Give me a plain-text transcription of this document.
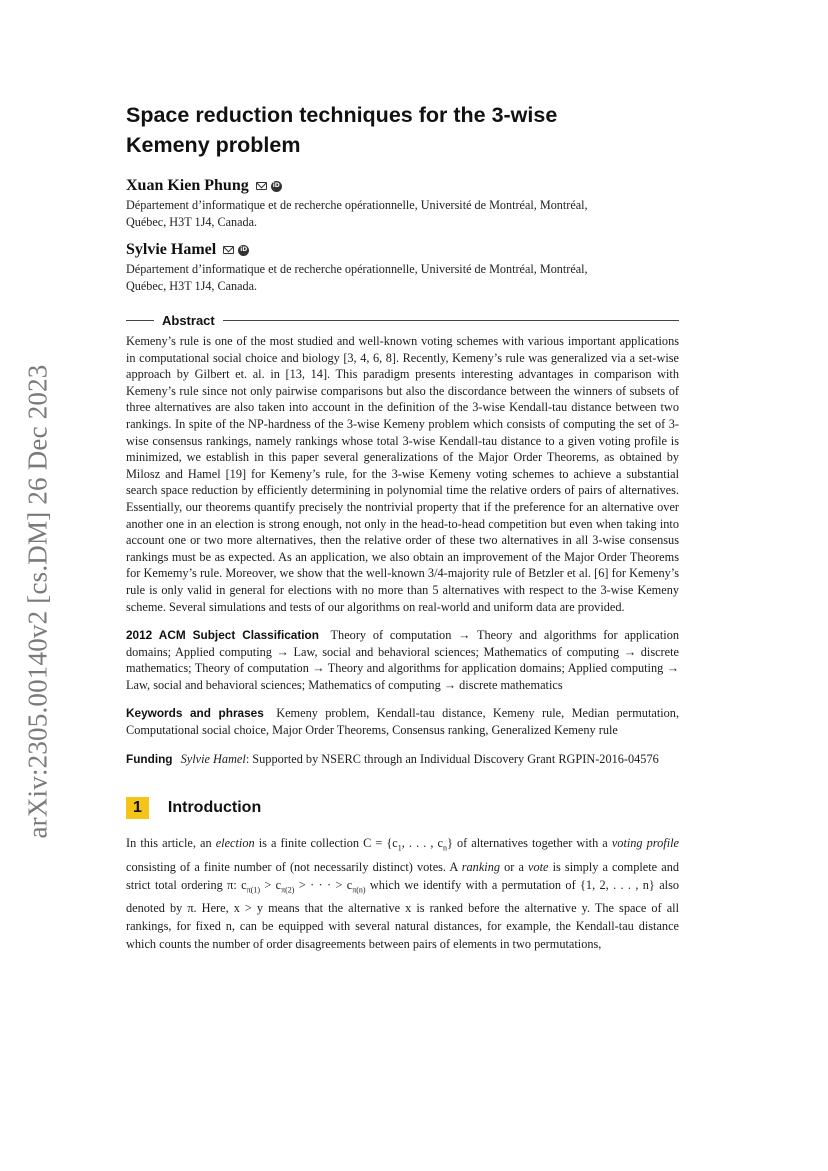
arXiv:2305.00140v2 [cs.DM] 26 Dec 2023
Space reduction techniques for the 3-wise
Kemeny problem
Xuan Kien Phung	iD
Département d’informatique et de recherche opérationnelle, Université de Montréal, Montréal,
Québec, H3T 1J4, Canada.
Sylvie Hamel	iD
Département d’informatique et de recherche opérationnelle, Université de Montréal, Montréal,
Québec, H3T 1J4, Canada.
Abstract
Kemeny’s rule is one of the most studied and well-known voting schemes with various important applications in computational social choice and biology [3, 4, 6, 8]. Recently, Kemeny’s rule was generalized via a set-wise approach by Gilbert et. al. in [13, 14]. This paradigm presents interesting advantages in comparison with Kemeny’s rule since not only pairwise comparisons but also the discordance between the winners of subsets of three alternatives are also taken into account in the definition of the 3-wise Kendall-tau distance between two rankings. In spite of the NP-hardness of the 3-wise Kemeny problem which consists of computing the set of 3-wise consensus rankings, namely rankings whose total 3-wise Kendall-tau distance to a given voting profile is minimized, we establish in this paper several generalizations of the Major Order Theorems, as obtained by Milosz and Hamel [19] for Kemeny’s rule, for the 3-wise Kemeny voting schemes to achieve a substantial search space reduction by efficiently determining in polynomial time the relative orders of pairs of alternatives. Essentially, our theorems quantify precisely the nontrivial property that if the preference for an alternative over another one in an election is strong enough, not only in the head-to-head competition but even when taking into account one or two more alternatives, then the relative order of these two alternatives in all 3-wise consensus rankings must be as expected. As an application, we also obtain an improvement of the Major Order Theorems for Kememy’s rule. Moreover, we show that the well-known 3/4-majority rule of Betzler et al. [6] for Kemeny’s rule is only valid in general for elections with no more than 5 alternatives with respect to the 3-wise Kemeny scheme. Several simulations and tests of our algorithms on real-world and uniform data are provided.
2012 ACM Subject Classification Theory of computation → Theory and algorithms for application domains; Applied computing → Law, social and behavioral sciences; Mathematics of computing → discrete mathematics; Theory of computation → Theory and algorithms for application domains; Applied computing → Law, social and behavioral sciences; Mathematics of computing → discrete mathematics
Keywords and phrases Kemeny problem, Kendall-tau distance, Kemeny rule, Median permutation, Computational social choice, Major Order Theorems, Consensus ranking, Generalized Kemeny rule
Funding Sylvie Hamel: Supported by NSERC through an Individual Discovery Grant RGPIN-2016-04576
1	Introduction
In this article, an election is a finite collection $C = \{c_1$, . . . , $c_n$} of alternatives together with a voting profile consisting of a finite number of (not necessarily distinct) votes. A ranking or a vote is simply a complete and strict total ordering π: $c_{\pi(1)} > c_{\pi(2)}$ > · · · > $c_{\pi(n)}$ which we identify with a permutation of {1, 2, . . . , n} also denoted by π. Here, x > y means that the alternative x is ranked before the alternative y. The space of all rankings, for fixed n, can be equipped with several natural distances, for example, the Kendall-tau distance which counts the number of order disagreements between pairs of elements in two permutations,
